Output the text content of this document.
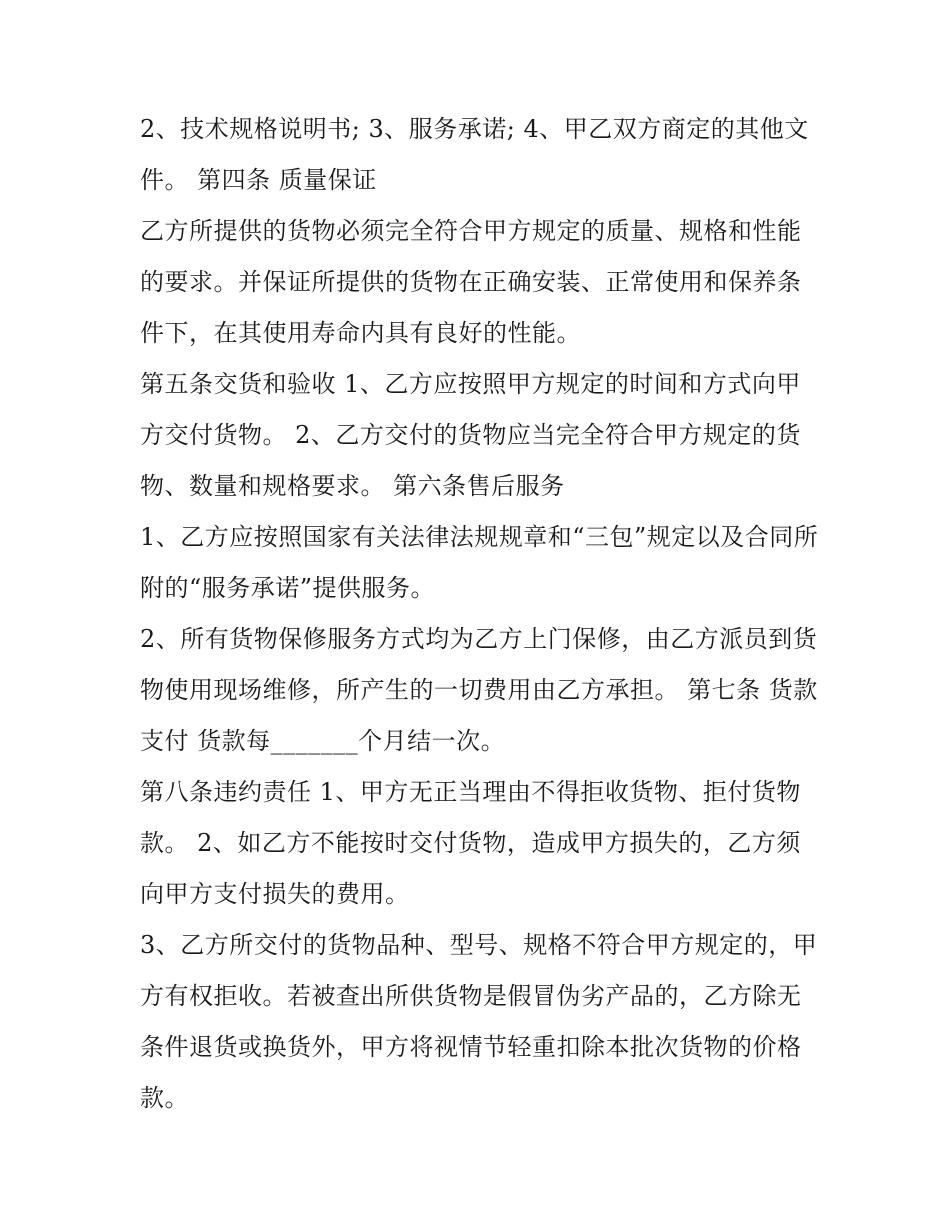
2、技术规格说明书; 3、服务承诺; 4、甲乙双方商定的其他文件。 第四条 质量保证

乙方所提供的货物必须完全符合甲方规定的质量、规格和性能的要求。并保证所提供的货物在正确安装、正常使用和保养条件下，在其使用寿命内具有良好的性能。

第五条交货和验收 1、乙方应按照甲方规定的时间和方式向甲方交付货物。 2、乙方交付的货物应当完全符合甲方规定的货物、数量和规格要求。 第六条售后服务

1、乙方应按照国家有关法律法规规章和“三包”规定以及合同所附的“服务承诺”提供服务。

2、所有货物保修服务方式均为乙方上门保修，由乙方派员到货物使用现场维修，所产生的一切费用由乙方承担。 第七条 货款支付 货款每_______个月结一次。

第八条违约责任 1、甲方无正当理由不得拒收货物、拒付货物款。 2、如乙方不能按时交付货物，造成甲方损失的，乙方须向甲方支付损失的费用。

3、乙方所交付的货物品种、型号、规格不符合甲方规定的，甲方有权拒收。若被查出所供货物是假冒伪劣产品的，乙方除无条件退货或换货外，甲方将视情节轻重扣除本批次货物的价格款。
